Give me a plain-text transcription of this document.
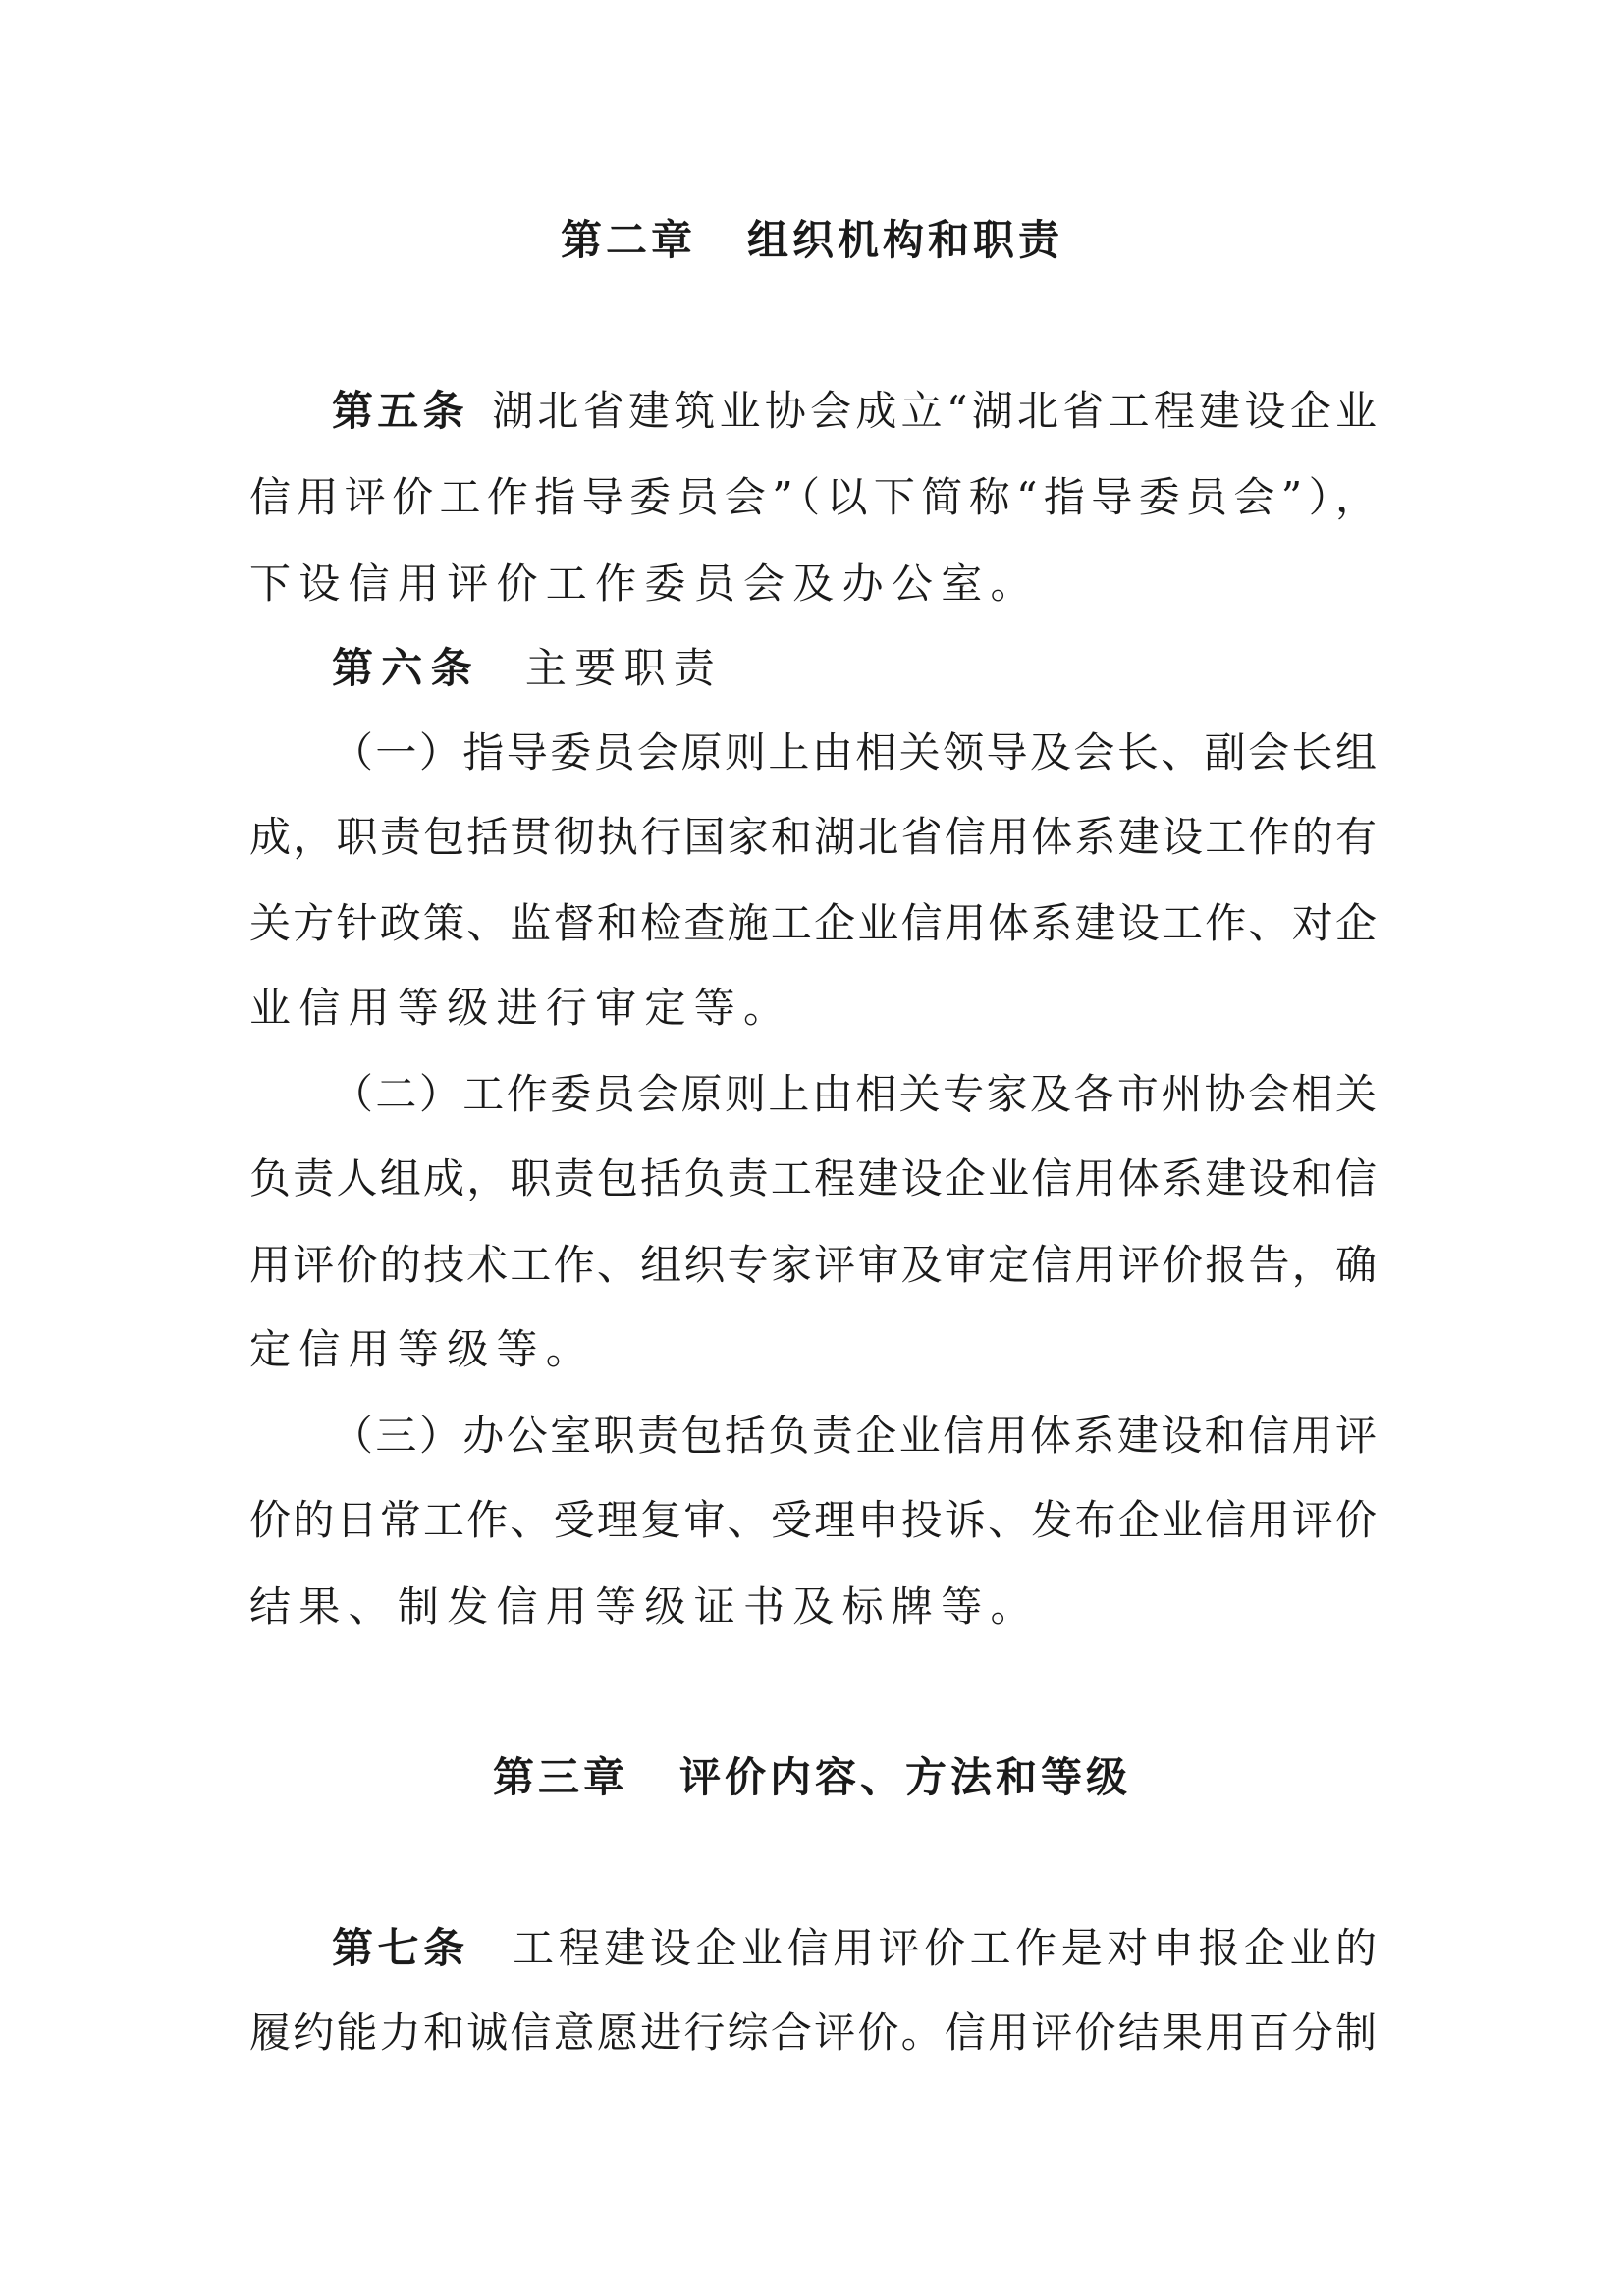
第二章 组织机构和职责
第五条 湖北省建筑业协会成立“湖北省工程建设企业
信用评价工作指导委员会”（以下简称“指导委员会”），
下设信用评价工作委员会及办公室。
第六条 主要职责
（一）指导委员会原则上由相关领导及会长、副会长组
成，职责包括贯彻执行国家和湖北省信用体系建设工作的有
关方针政策、监督和检查施工企业信用体系建设工作、对企
业信用等级进行审定等。
（二）工作委员会原则上由相关专家及各市州协会相关
负责人组成，职责包括负责工程建设企业信用体系建设和信
用评价的技术工作、组织专家评审及审定信用评价报告，确
定信用等级等。
（三）办公室职责包括负责企业信用体系建设和信用评
价的日常工作、受理复审、受理申投诉、发布企业信用评价
结果、制发信用等级证书及标牌等。
第三章 评价内容、方法和等级
第七条 工程建设企业信用评价工作是对申报企业的
履约能力和诚信意愿进行综合评价。信用评价结果用百分制
